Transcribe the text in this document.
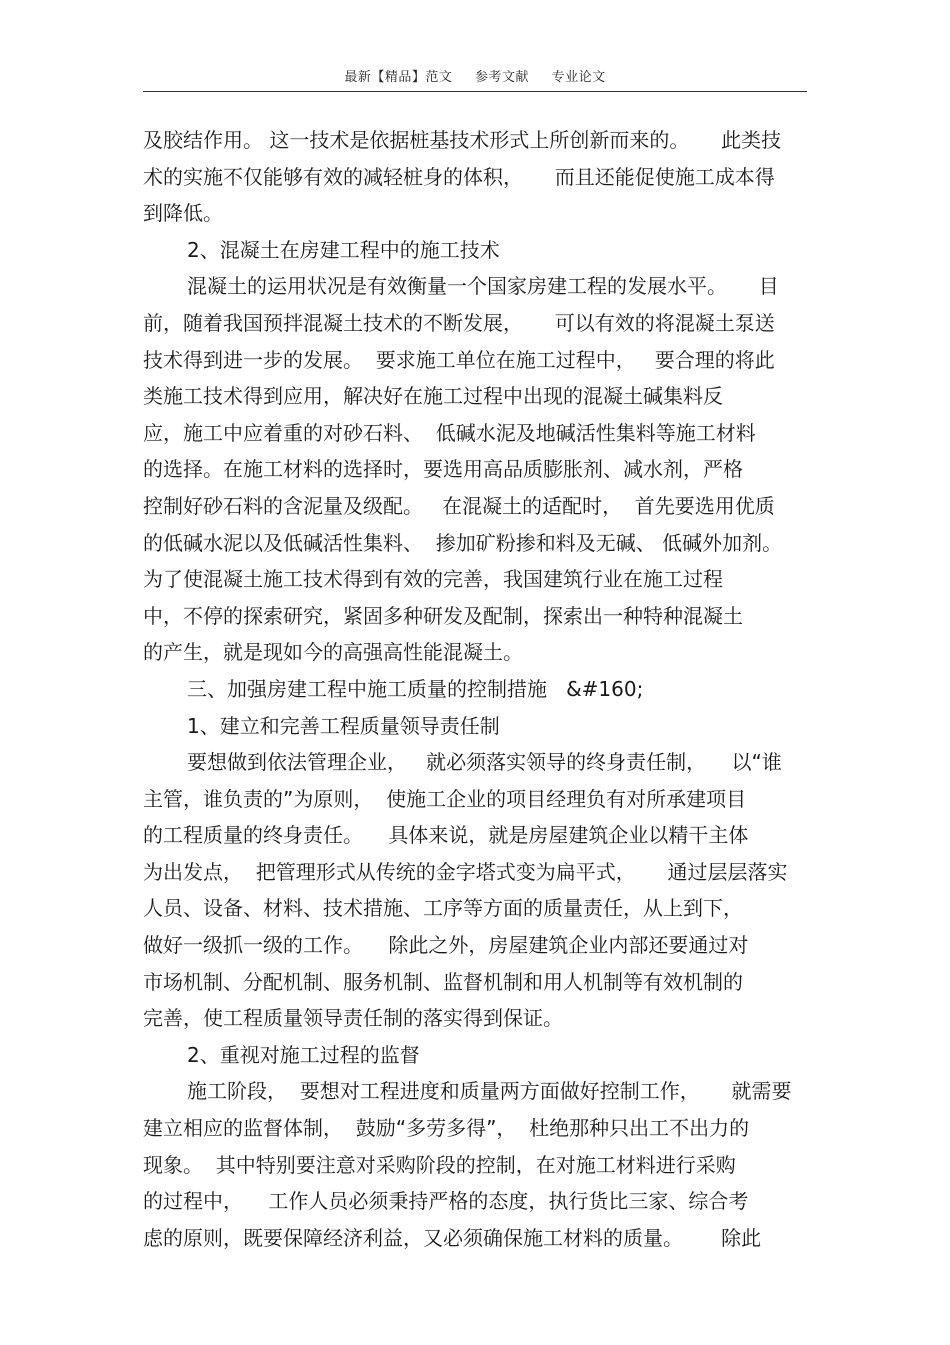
最新【精品】范文 参考文献 专业论文
及胶结作用。 这一技术是依据桩基技术形式上所创新而来的。     此类技
术的实施不仅能够有效的减轻桩身的体积，     而且还能促使施工成本得
到降低。
2、混凝土在房建工程中的施工技术
混凝土的运用状况是有效衡量一个国家房建工程的发展水平。     目
前，随着我国预拌混凝土技术的不断发展，     可以有效的将混凝土泵送
技术得到进一步的发展。  要求施工单位在施工过程中，   要合理的将此
类施工技术得到应用，解决好在施工过程中出现的混凝土碱集料反
应，施工中应着重的对砂石料、  低碱水泥及地碱活性集料等施工材料
的选择。在施工材料的选择时，要选用高品质膨胀剂、减水剂，严格
控制好砂石料的含泥量及级配。   在混凝土的适配时，  首先要选用优质
的低碱水泥以及低碱活性集料、  掺加矿粉掺和料及无碱、 低碱外加剂。
为了使混凝土施工技术得到有效的完善，我国建筑行业在施工过程
中，不停的探索研究，紧固多种研发及配制，探索出一种特种混凝土
的产生，就是现如今的高强高性能混凝土。
三、加强房建工程中施工质量的控制措施   &#160;
1、建立和完善工程质量领导责任制
要想做到依法管理企业，   就必须落实领导的终身责任制，    以“谁
主管，谁负责的”为原则，  使施工企业的项目经理负有对所承建项目
的工程质量的终身责任。    具体来说，就是房屋建筑企业以精干主体
为出发点，  把管理形式从传统的金字塔式变为扁平式，     通过层层落实
人员、设备、材料、技术措施、工序等方面的质量责任，从上到下，
做好一级抓一级的工作。    除此之外，房屋建筑企业内部还要通过对
市场机制、分配机制、服务机制、监督机制和用人机制等有效机制的
完善，使工程质量领导责任制的落实得到保证。
2、重视对施工过程的监督
施工阶段，  要想对工程进度和质量两方面做好控制工作，     就需要
建立相应的监督体制，  鼓励“多劳多得”，  杜绝那种只出工不出力的
现象。  其中特别要注意对采购阶段的控制，在对施工材料进行采购
的过程中，    工作人员必须秉持严格的态度，执行货比三家、综合考
虑的原则，既要保障经济利益，又必须确保施工材料的质量。      除此
